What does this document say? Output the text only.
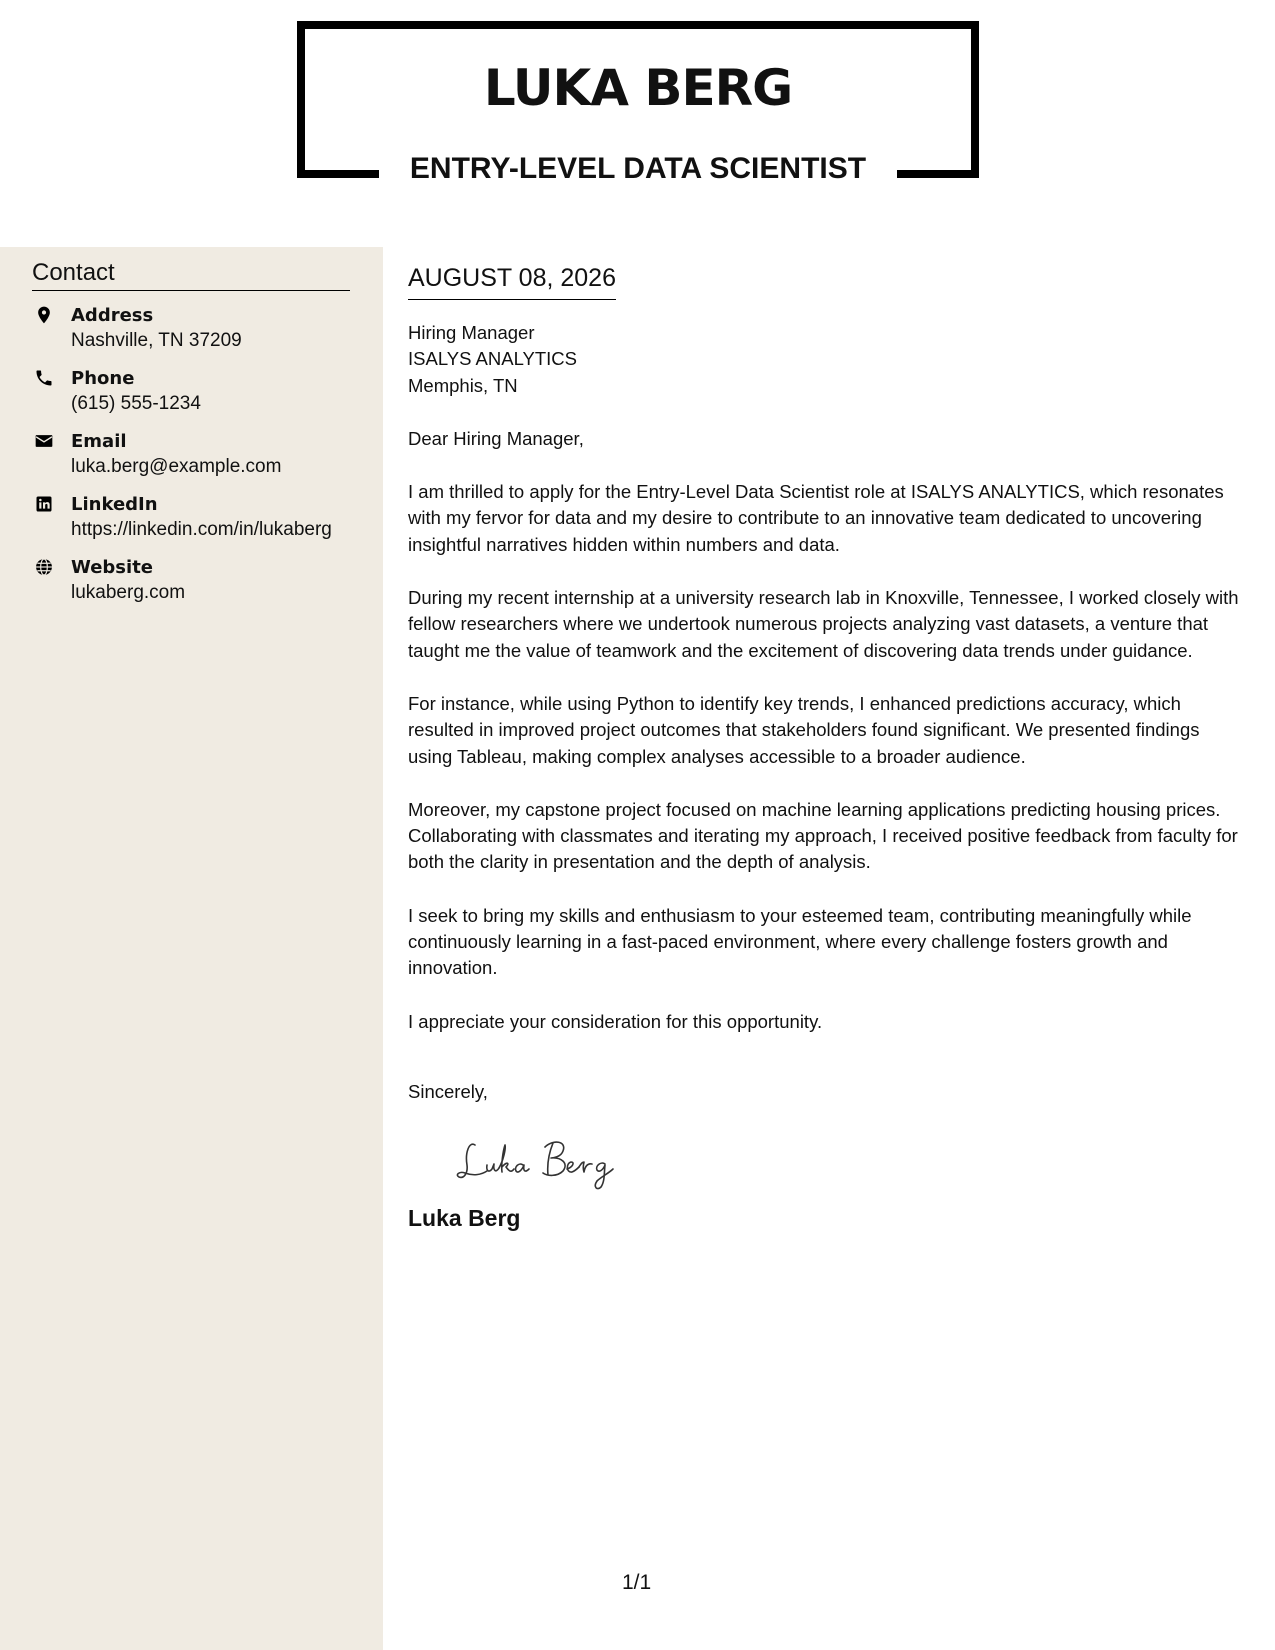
LUKA BERG
ENTRY-LEVEL DATA SCIENTIST
Contact
Address
Nashville, TN 37209
Phone
(615) 555-1234
Email
luka.berg@example.com
LinkedIn
https://linkedin.com/in/lukaberg
Website
lukaberg.com
AUGUST 08, 2026

Hiring Manager

ISALYS ANALYTICS

Memphis, TN

Dear Hiring Manager,

I am thrilled to apply for the Entry-Level Data Scientist role at ISALYS ANALYTICS, which resonates with my fervor for data and my desire to contribute to an innovative team dedicated to uncovering insightful narratives hidden within numbers and data.

During my recent internship at a university research lab in Knoxville, Tennessee, I worked closely with fellow researchers where we undertook numerous projects analyzing vast datasets, a venture that taught me the value of teamwork and the excitement of discovering data trends under guidance.

For instance, while using Python to identify key trends, I enhanced predictions accuracy, which resulted in improved project outcomes that stakeholders found significant. We presented findings using Tableau, making complex analyses accessible to a broader audience.

Moreover, my capstone project focused on machine learning applications predicting housing prices. Collaborating with classmates and iterating my approach, I received positive feedback from faculty for both the clarity in presentation and the depth of analysis.

I seek to bring my skills and enthusiasm to your esteemed team, contributing meaningfully while continuously learning in a fast-paced environment, where every challenge fosters growth and innovation.

I appreciate your consideration for this opportunity.

Sincerely,

Luka Berg

1/1
